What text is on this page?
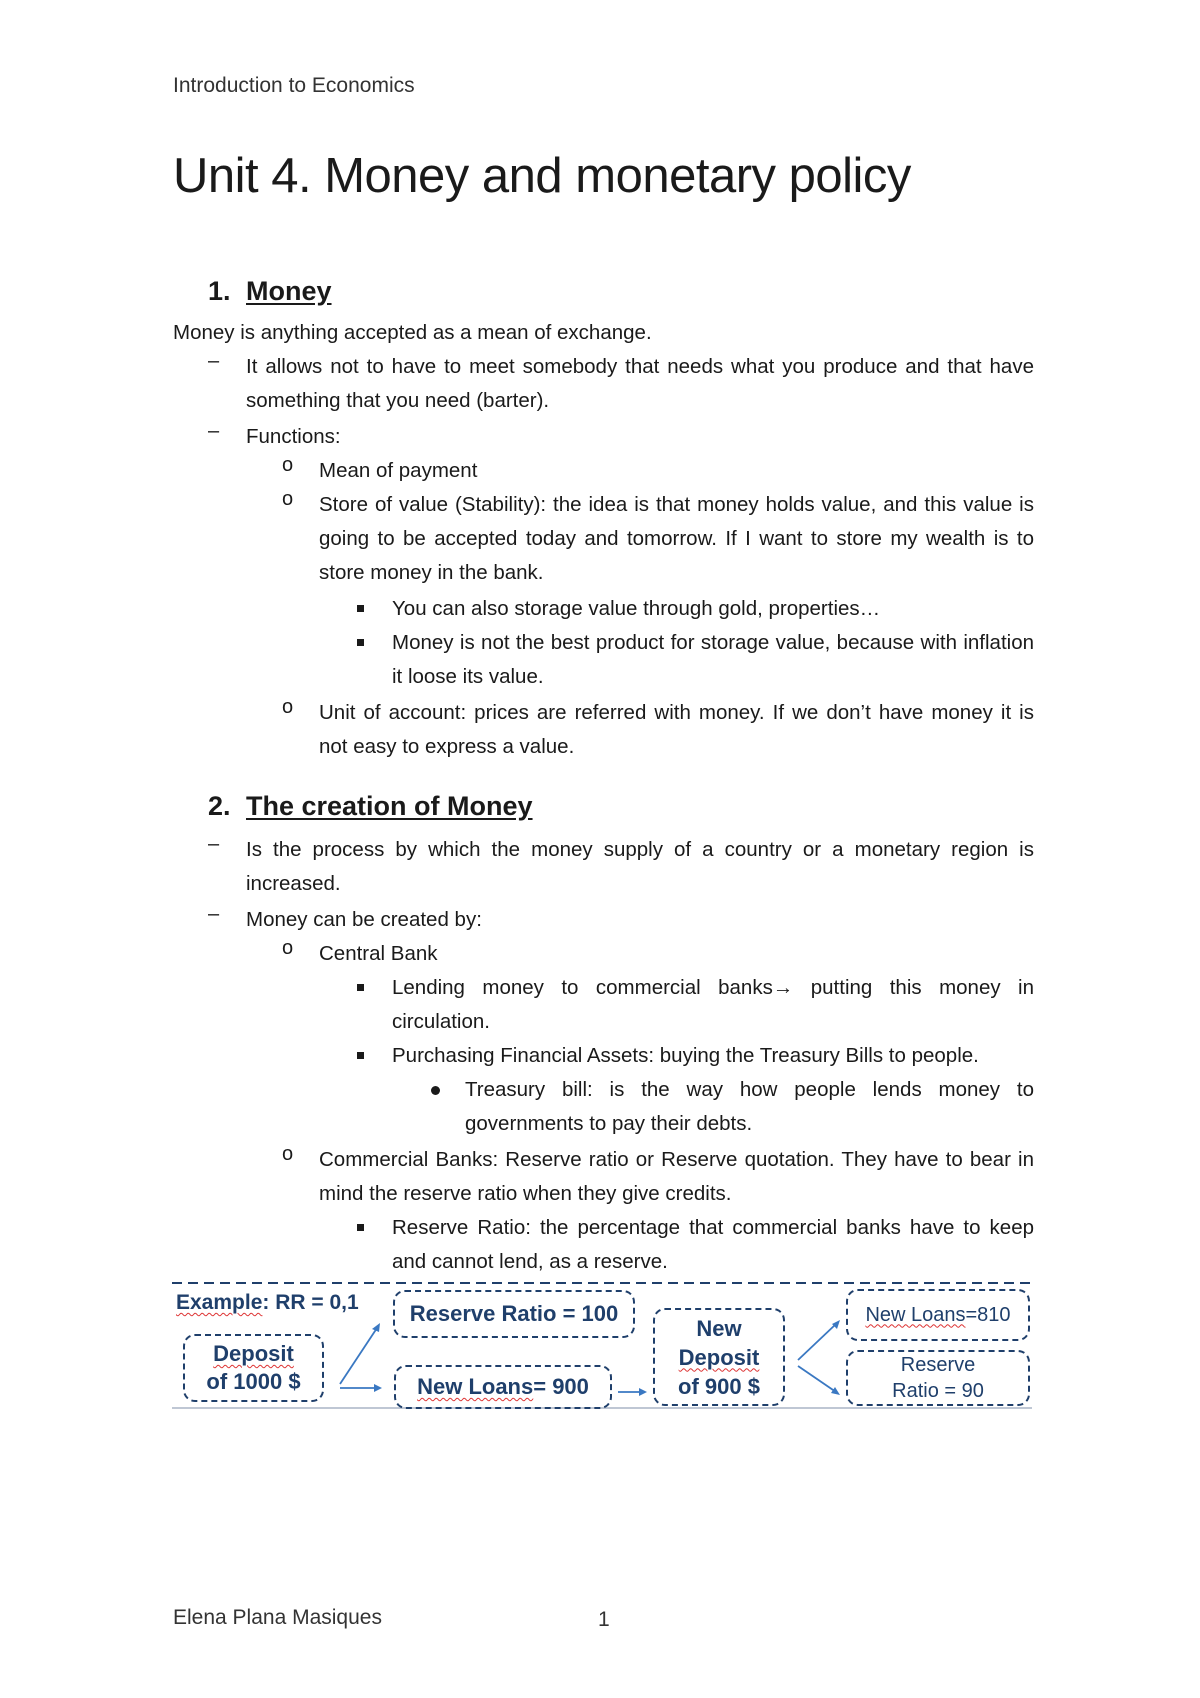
Introduction to Economics
Unit 4. Money and monetary policy
1. Money
Money is anything accepted as a mean of exchange.
– It allows not to have to meet somebody that needs what you produce and that have something that you need (barter).
– Functions:
o Mean of payment
o Store of value (Stability): the idea is that money holds value, and this value is going to be accepted today and tomorrow. If I want to store my wealth is to store money in the bank.
You can also storage value through gold, properties…
Money is not the best product for storage value, because with inflation it loose its value.
o Unit of account: prices are referred with money. If we don’t have money it is not easy to express a value.
2. The creation of Money
– Is the process by which the money supply of a country or a monetary region is increased.
– Money can be created by:
o Central Bank
Lending money to commercial banks→ putting this money in circulation.
Purchasing Financial Assets: buying the Treasury Bills to people.
Treasury bill: is the way how people lends money to governments to pay their debts.
o Commercial Banks: Reserve ratio or Reserve quotation. They have to bear in mind the reserve ratio when they give credits.
Reserve Ratio: the percentage that commercial banks have to keep and cannot lend, as a reserve.
Example: RR = 0,1
Deposit
of 1000 $
Reserve Ratio = 100
New Loans = 900
New
Deposit
of 900 $
New Loans =810
Reserve
Ratio = 90
Elena Plana Masiques	1
